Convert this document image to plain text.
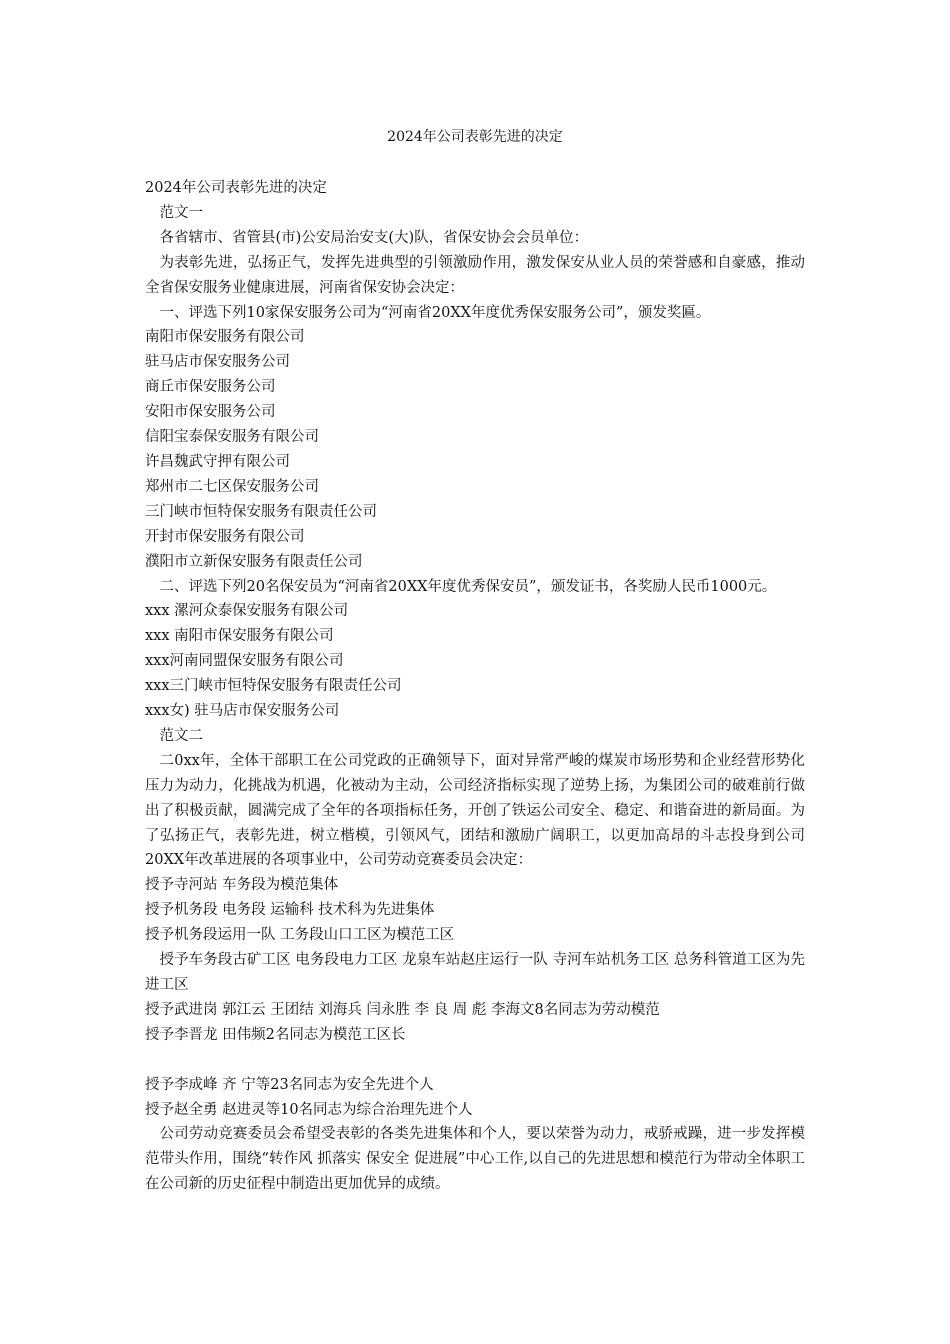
2024年公司表彰先进的决定

2024年公司表彰先进的决定

范文一

各省辖市、省管县(市)公安局治安支(大)队，省保安协会会员单位：

为表彰先进，弘扬正气，发挥先进典型的引领激励作用，激发保安从业人员的荣誉感和自豪感，推动全省保安服务业健康进展，河南省保安协会决定：

一、评选下列10家保安服务公司为“河南省20XX年度优秀保安服务公司”，颁发奖匾。

南阳市保安服务有限公司

驻马店市保安服务公司

商丘市保安服务公司

安阳市保安服务公司

信阳宝泰保安服务有限公司

许昌魏武守押有限公司

郑州市二七区保安服务公司

三门峡市恒特保安服务有限责任公司

开封市保安服务有限公司

濮阳市立新保安服务有限责任公司

二、评选下列20名保安员为“河南省20XX年度优秀保安员”，颁发证书，各奖励人民币1000元。

xxx 漯河众泰保安服务有限公司

xxx 南阳市保安服务有限公司

xxx河南同盟保安服务有限公司

xxx三门峡市恒特保安服务有限责任公司

xxx女) 驻马店市保安服务公司

范文二

二0xx年，全体干部职工在公司党政的正确领导下，面对异常严峻的煤炭市场形势和企业经营形势化压力为动力，化挑战为机遇，化被动为主动，公司经济指标实现了逆势上扬，为集团公司的破难前行做出了积极贡献，圆满完成了全年的各项指标任务，开创了铁运公司安全、稳定、和谐奋进的新局面。为了弘扬正气，表彰先进，树立楷模，引领风气，团结和激励广阔职工，以更加高昂的斗志投身到公司20XX年改革进展的各项事业中，公司劳动竞赛委员会决定：

授予寺河站 车务段为模范集体

授予机务段 电务段 运输科 技术科为先进集体

授予机务段运用一队 工务段山口工区为模范工区

授予车务段古矿工区 电务段电力工区 龙泉车站赵庄运行一队 寺河车站机务工区 总务科管道工区为先进工区

授予武进岗 郭江云 王团结 刘海兵 闫永胜 李 良 周 彪 李海文8名同志为劳动模范

授予李晋龙 田伟频2名同志为模范工区长

授予李成峰 齐 宁等23名同志为安全先进个人

授予赵全勇 赵进灵等10名同志为综合治理先进个人

公司劳动竞赛委员会希望受表彰的各类先进集体和个人，要以荣誉为动力，戒骄戒躁，进一步发挥模范带头作用，围绕“转作风 抓落实 保安全 促进展”中心工作,以自己的先进思想和模范行为带动全体职工在公司新的历史征程中制造出更加优异的成绩。
